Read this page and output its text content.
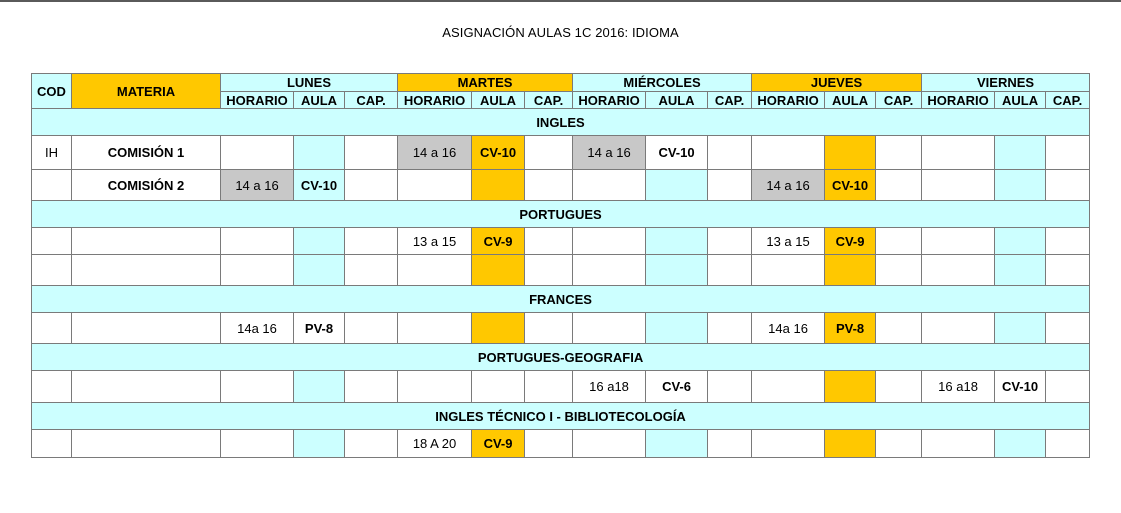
ASIGNACIÓN AULAS 1C 2016: IDIOMA
COD	MATERIA	LUNES			MARTES			MIÉRCOLES			JUEVES			VIERNES		
		HORARIO	AULA	CAP.	HORARIO	AULA	CAP.	HORARIO	AULA	CAP.	HORARIO	AULA	CAP.	HORARIO	AULA	CAP.
INGLES																
IH	COMISIÓN 1				14 a 16	CV-10		14 a 16	CV-10							
	COMISIÓN 2	14 a 16	CV-10								14 a 16	CV-10				
PORTUGUES																
					13 a 15	CV-9					13 a 15	CV-9				

FRANCES																
		14a 16	PV-8								14a 16	PV-8				
PORTUGUES-GEOGRAFIA																
								16 a18	CV-6					16 a18	CV-10	
INGLES TÉCNICO I - BIBLIOTECOLOGÍA																
					18 A 20	CV-9										
